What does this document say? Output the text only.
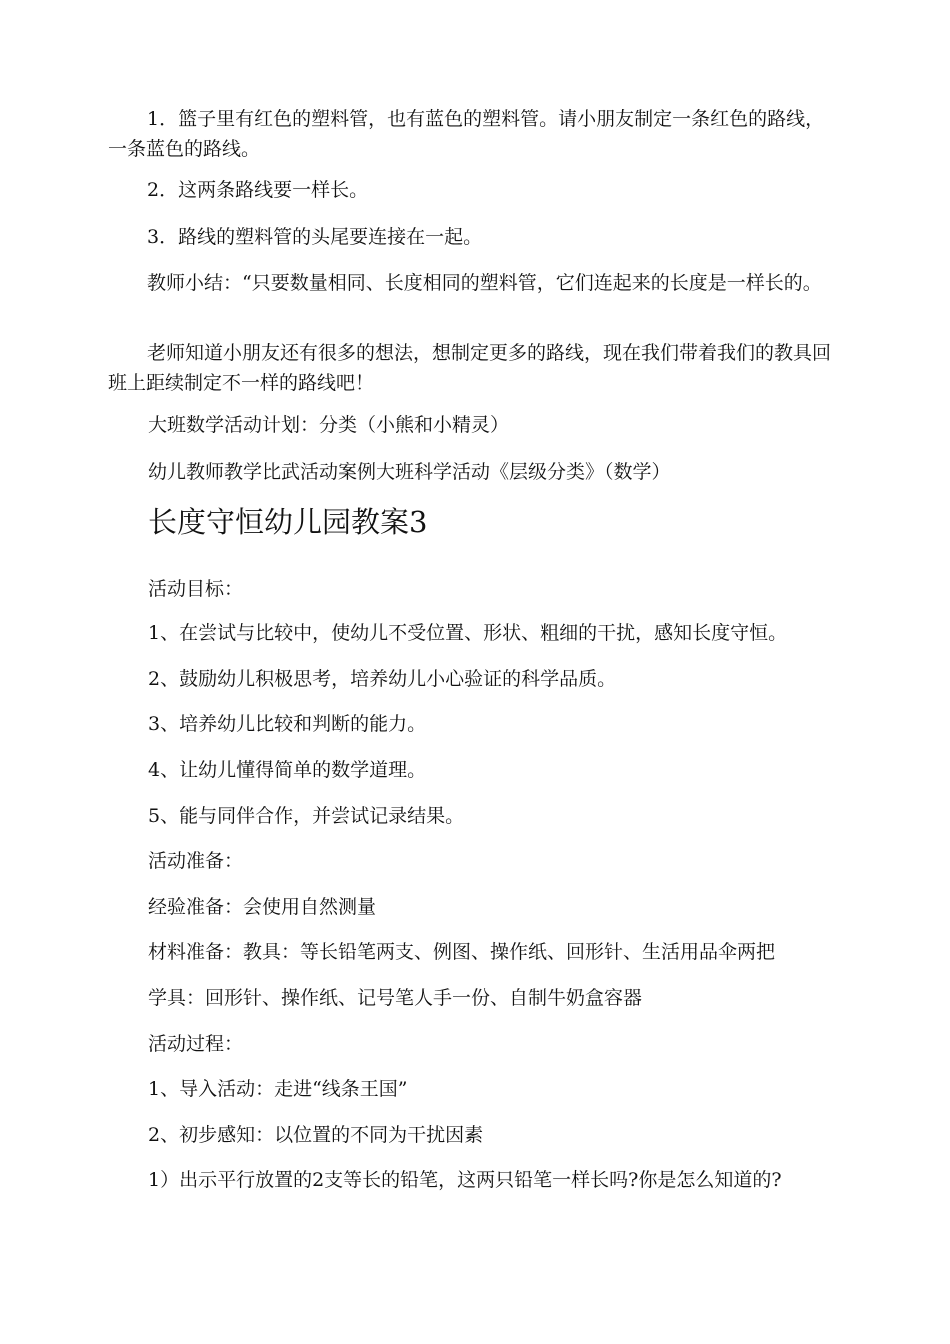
1．篮子里有红色的塑料管，也有蓝色的塑料管。请小朋友制定一条红色的路线，一条蓝色的路线。

2．这两条路线要一样长。

3．路线的塑料管的头尾要连接在一起。

教师小结：“只要数量相同、长度相同的塑料管，它们连起来的长度是一样长的。

老师知道小朋友还有很多的想法，想制定更多的路线，现在我们带着我们的教具回班上距续制定不一样的路线吧！

大班数学活动计划：分类（小熊和小精灵）

幼儿教师教学比武活动案例大班科学活动《层级分类》（数学）

长度守恒幼儿园教案3

活动目标：

1、在尝试与比较中，使幼儿不受位置、形状、粗细的干扰，感知长度守恒。

2、鼓励幼儿积极思考，培养幼儿小心验证的科学品质。

3、培养幼儿比较和判断的能力。

4、让幼儿懂得简单的数学道理。

5、能与同伴合作，并尝试记录结果。

活动准备：

经验准备：会使用自然测量

材料准备：教具：等长铅笔两支、例图、操作纸、回形针、生活用品伞两把

学具：回形针、操作纸、记号笔人手一份、自制牛奶盒容器

活动过程：

1、导入活动：走进“线条王国”

2、初步感知：以位置的不同为干扰因素

1）出示平行放置的2支等长的铅笔，这两只铅笔一样长吗?你是怎么知道的?
